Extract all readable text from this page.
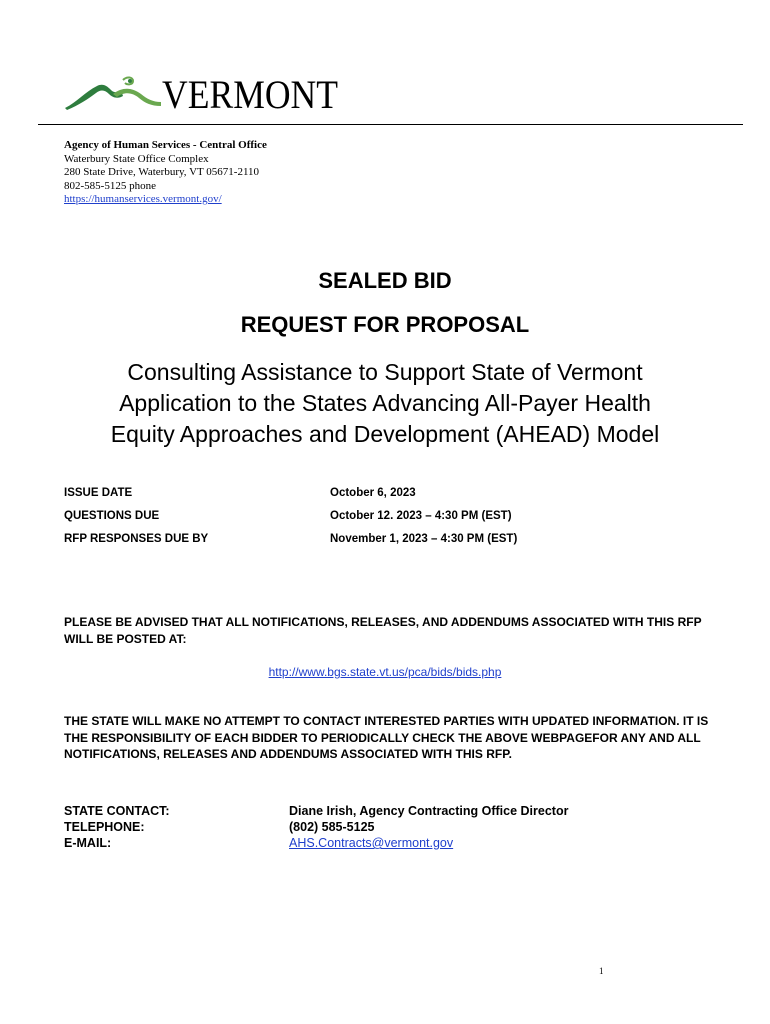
VERMONT
Agency of Human Services - Central Office
Waterbury State Office Complex
280 State Drive, Waterbury, VT 05671-2110
802-585-5125 phone
https://humanservices.vermont.gov/
SEALED BID
REQUEST FOR PROPOSAL
Consulting Assistance to Support State of Vermont
Application to the States Advancing All-Payer Health
Equity Approaches and Development (AHEAD) Model
ISSUE DATE	October 6, 2023
QUESTIONS DUE	October 12. 2023 – 4:30 PM (EST)
RFP RESPONSES DUE BY	November 1, 2023 – 4:30 PM (EST)
PLEASE BE ADVISED THAT ALL NOTIFICATIONS, RELEASES, AND ADDENDUMS ASSOCIATED WITH THIS RFP WILL BE POSTED AT:
http://www.bgs.state.vt.us/pca/bids/bids.php
THE STATE WILL MAKE NO ATTEMPT TO CONTACT INTERESTED PARTIES WITH UPDATED INFORMATION. IT IS THE RESPONSIBILITY OF EACH BIDDER TO PERIODICALLY CHECK THE ABOVE WEBPAGEFOR ANY AND ALL NOTIFICATIONS, RELEASES AND ADDENDUMS ASSOCIATED WITH THIS RFP.
STATE CONTACT:	Diane Irish, Agency Contracting Office Director
TELEPHONE:	(802) 585-5125
E-MAIL:	AHS.Contracts@vermont.gov
1
